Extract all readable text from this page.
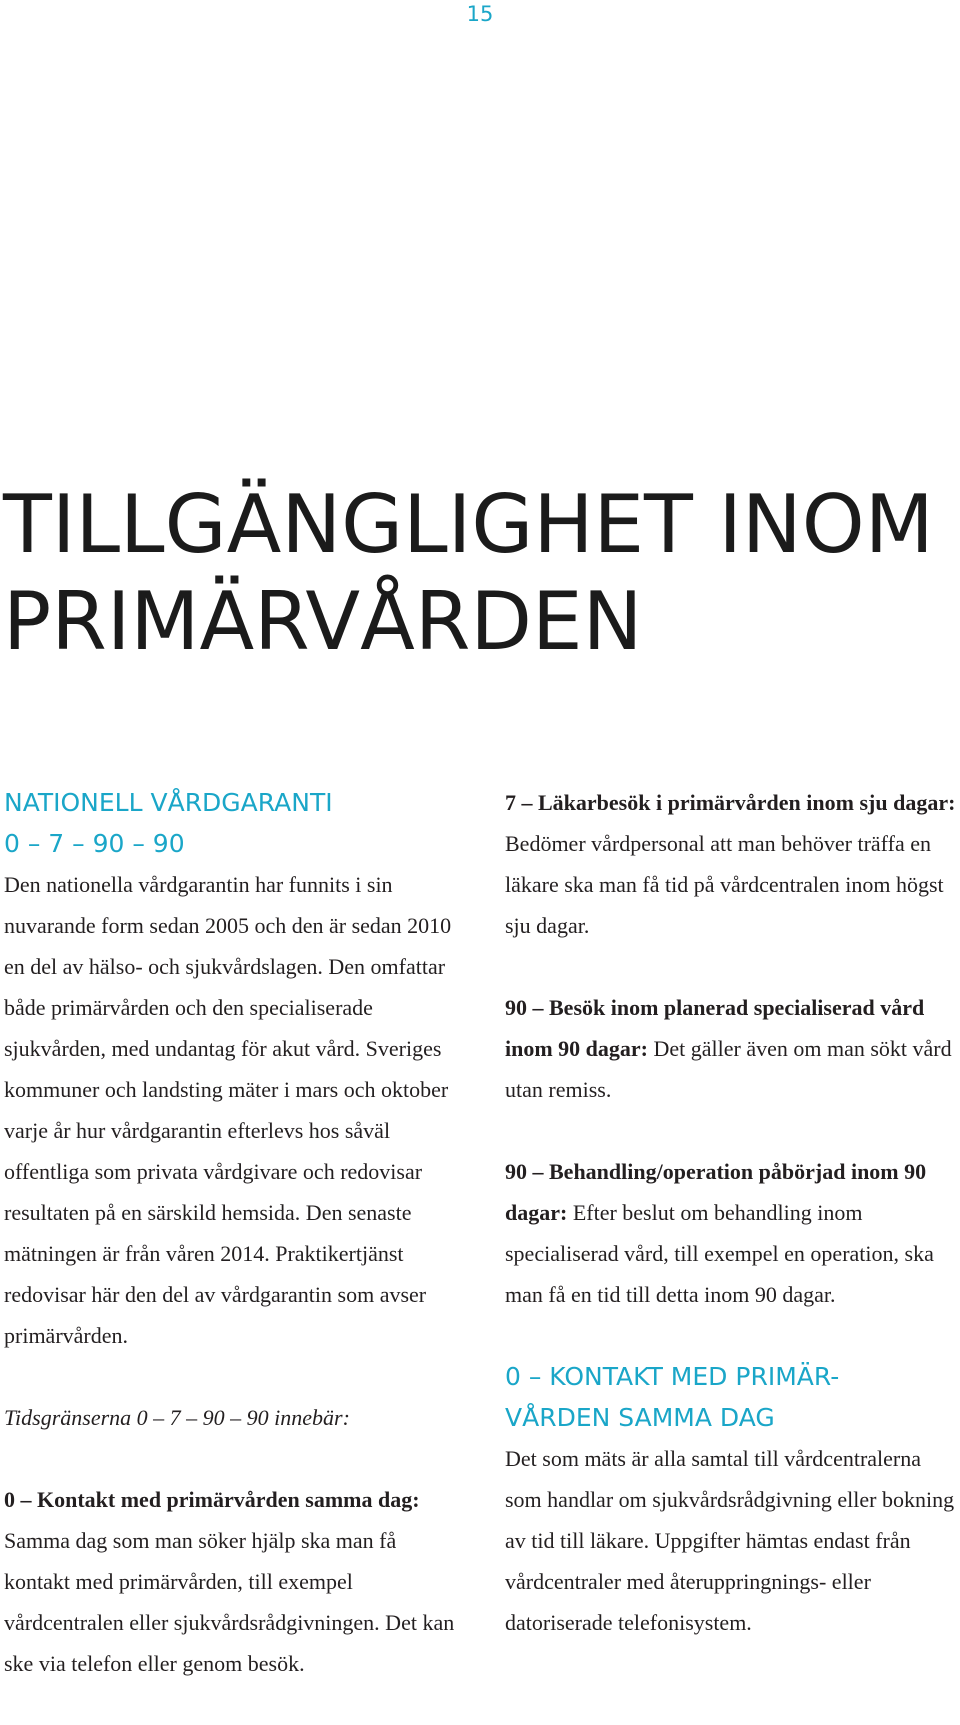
15
TILLGÄNGLIGHET INOM
PRIMÄRVÅRDEN
NATIONELL VÅRDGARANTI
0 – 7 – 90 – 90

Den nationella vårdgarantin har funnits i sin nuvarande form sedan 2005 och den är sedan 2010 en del av hälso- och sjukvårdslagen. Den omfattar både primärvården och den specialiserade sjukvården, med undantag för akut vård. Sveriges kommuner och landsting mäter i mars och oktober varje år hur vårdgarantin efterlevs hos såväl offentliga som privata vårdgivare och redovisar resultaten på en särskild hemsida. Den senaste mätningen är från våren 2014. Praktikertjänst redovisar här den del av vårdgarantin som avser primärvården.

Tidsgränserna 0 – 7 – 90 – 90 innebär:

0 – Kontakt med primärvården samma dag: Samma dag som man söker hjälp ska man få kontakt med primärvården, till exempel vårdcentralen eller sjukvårdsrådgivningen. Det kan ske via telefon eller genom besök.

7 – Läkarbesök i primärvården inom sju dagar: Bedömer vårdpersonal att man behöver träffa en läkare ska man få tid på vårdcentralen inom högst sju dagar.

90 – Besök inom planerad specialiserad vård inom 90 dagar: Det gäller även om man sökt vård utan remiss.

90 – Behandling/operation påbörjad inom 90 dagar: Efter beslut om behandling inom specialiserad vård, till exempel en operation, ska man få en tid till detta inom 90 dagar.

0 – KONTAKT MED PRIMÄR-
VÅRDEN SAMMA DAG

Det som mäts är alla samtal till vårdcentralerna som handlar om sjukvårdsrådgivning eller bokning av tid till läkare. Uppgifter hämtas endast från vårdcentraler med återuppringnings- eller datoriserade telefonisystem.
